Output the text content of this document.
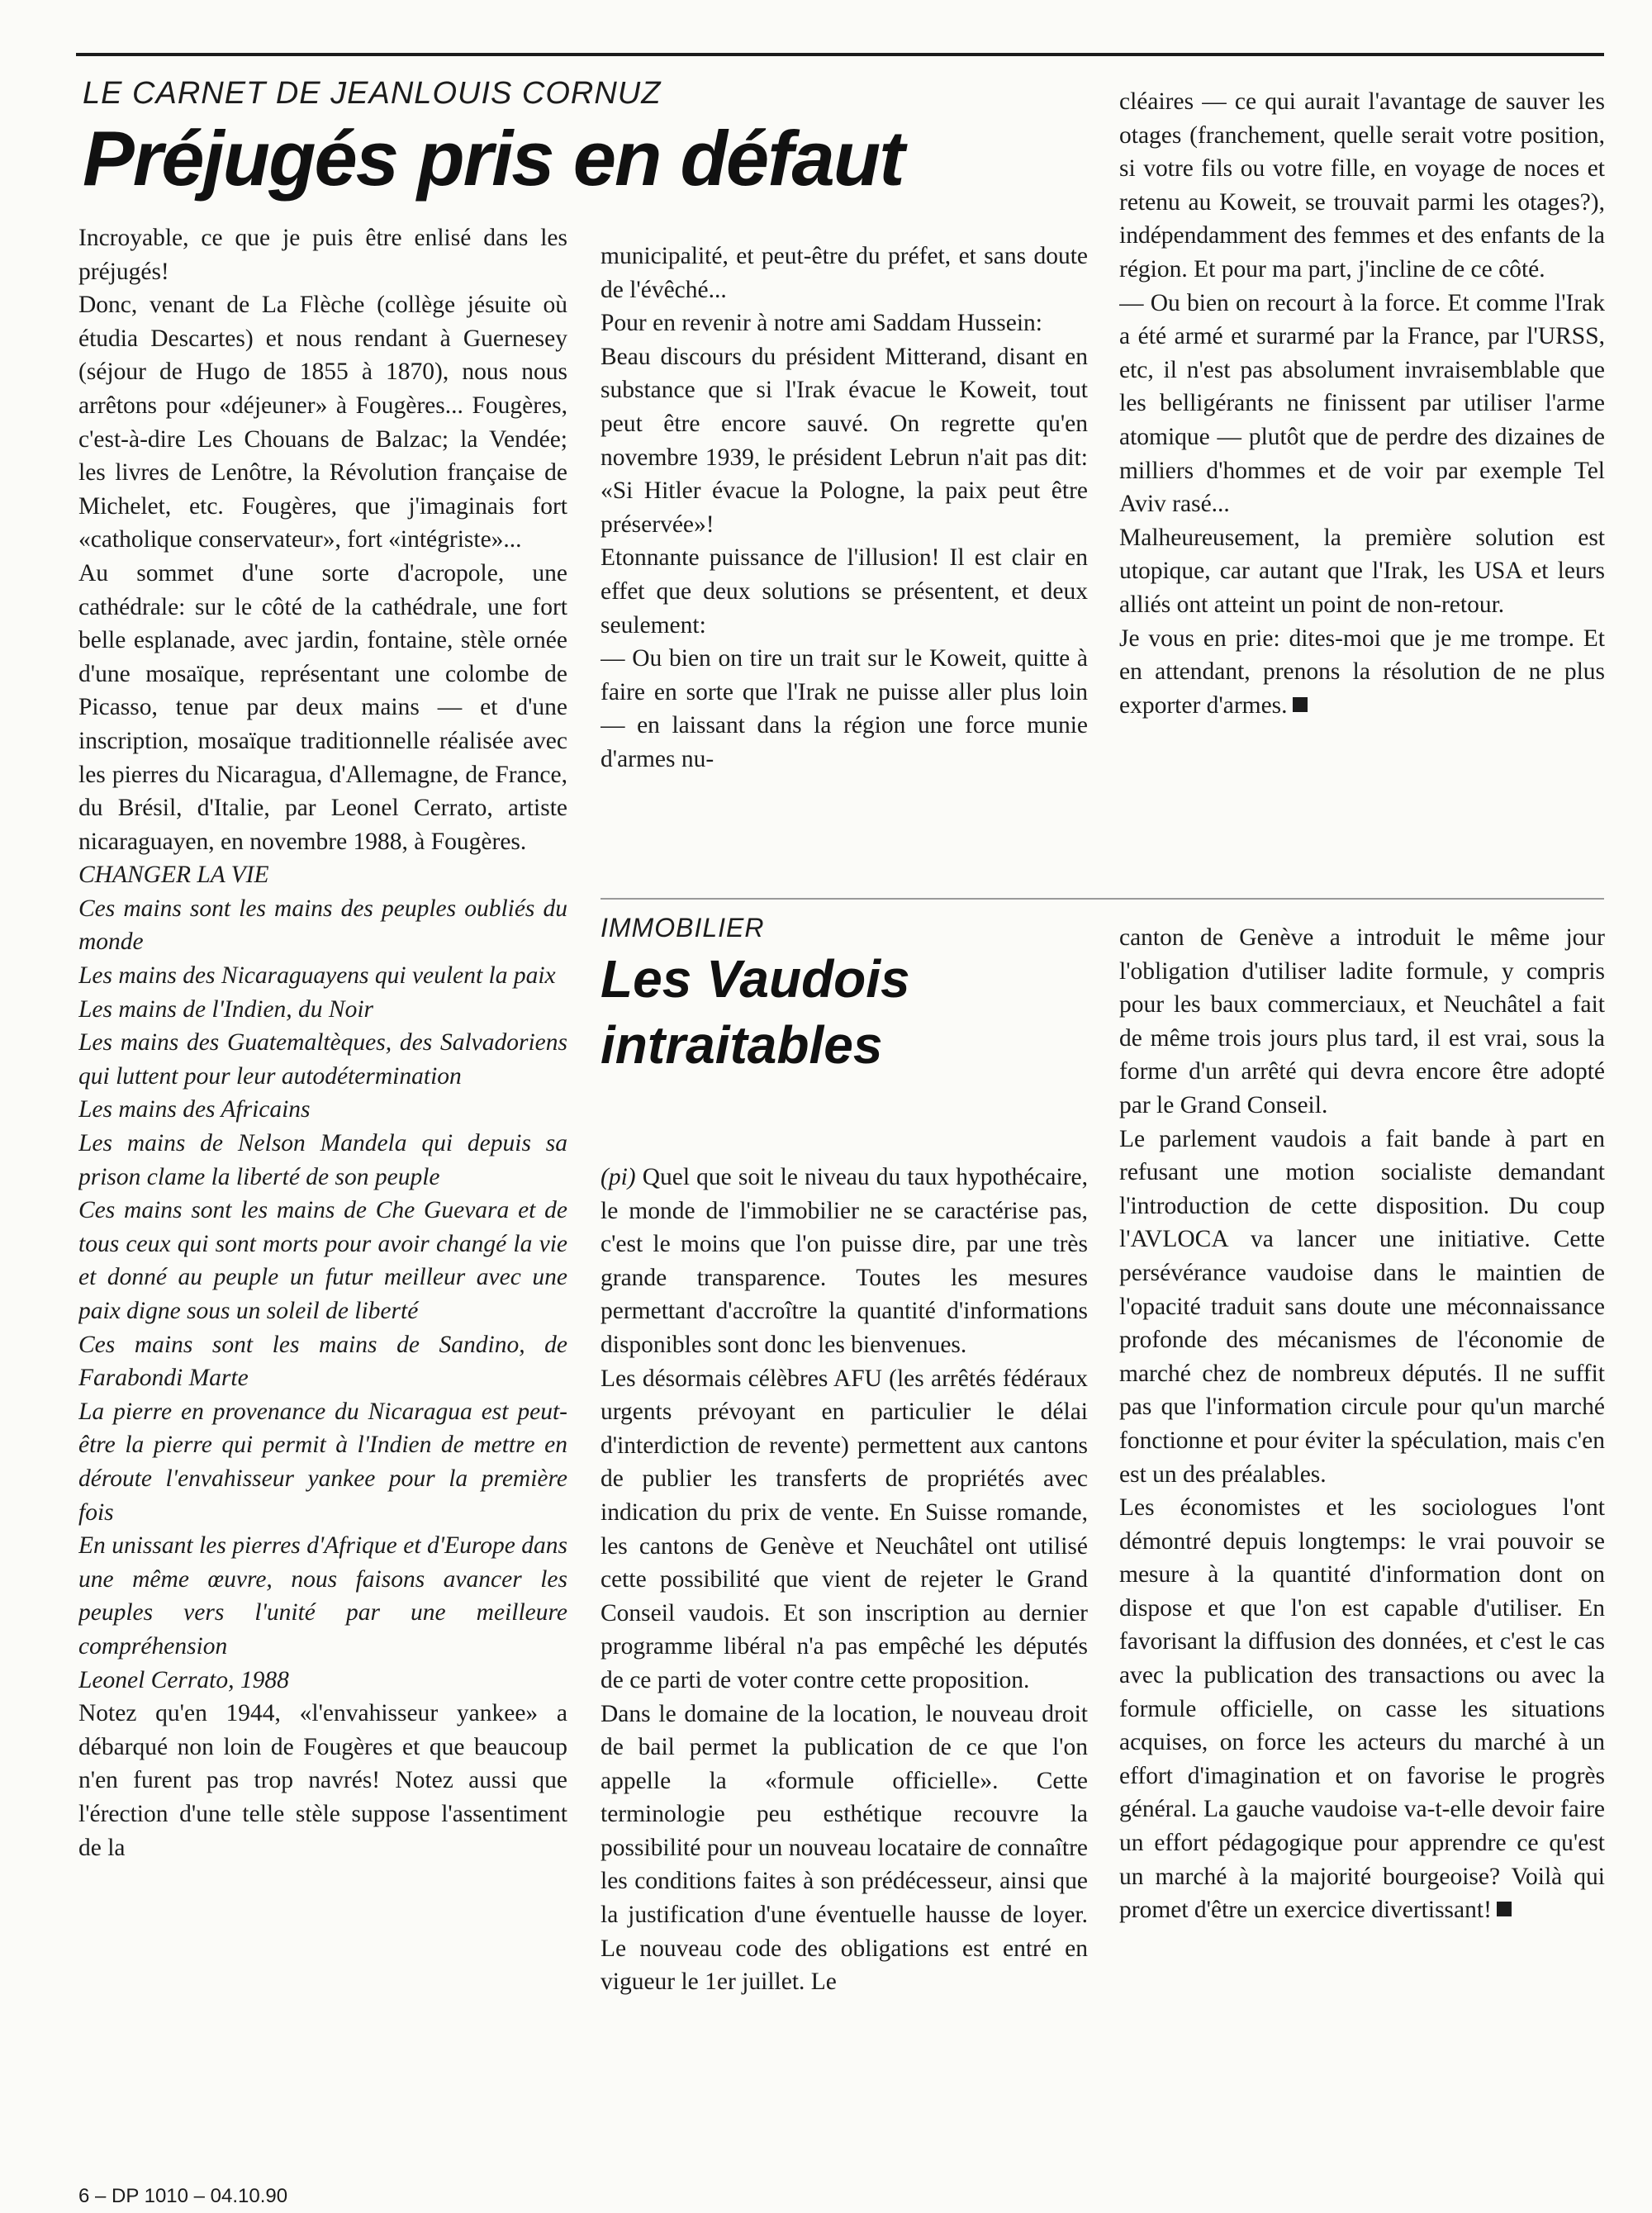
LE CARNET DE JEANLOUIS CORNUZ

Préjugés pris en défaut

Incroyable, ce que je puis être enlisé dans les préjugés!

Donc, venant de La Flèche (collège jésuite où étudia Descartes) et nous rendant à Guernesey (séjour de Hugo de 1855 à 1870), nous nous arrêtons pour «déjeuner» à Fougères... Fougères, c'est-à-dire Les Chouans de Balzac; la Vendée; les livres de Lenôtre, la Révolution française de Michelet, etc. Fougères, que j'imaginais fort «catholique conservateur», fort «intégriste»...

Au sommet d'une sorte d'acropole, une cathédrale: sur le côté de la cathédrale, une fort belle esplanade, avec jardin, fontaine, stèle ornée d'une mosaïque, représentant une colombe de Picasso, tenue par deux mains — et d'une inscription, mosaïque traditionnelle réalisée avec les pierres du Nicaragua, d'Allemagne, de France, du Brésil, d'Italie, par Leonel Cerrato, artiste nicaraguayen, en novembre 1988, à Fougères.

CHANGER LA VIE

Ces mains sont les mains des peuples oubliés du monde

Les mains des Nicaraguayens qui veulent la paix

Les mains de l'Indien, du Noir

Les mains des Guatemaltèques, des Salvadoriens qui luttent pour leur autodétermination

Les mains des Africains

Les mains de Nelson Mandela qui depuis sa prison clame la liberté de son peuple

Ces mains sont les mains de Che Guevara et de tous ceux qui sont morts pour avoir changé la vie et donné au peuple un futur meilleur avec une paix digne sous un soleil de liberté

Ces mains sont les mains de Sandino, de Farabondi Marte

La pierre en provenance du Nicaragua est peut-être la pierre qui permit à l'Indien de mettre en déroute l'envahisseur yankee pour la première fois

En unissant les pierres d'Afrique et d'Europe dans une même œuvre, nous faisons avancer les peuples vers l'unité par une meilleure compréhension

Leonel Cerrato, 1988

Notez qu'en 1944, «l'envahisseur yankee» a débarqué non loin de Fougères et que beaucoup n'en furent pas trop navrés! Notez aussi que l'érection d'une telle stèle suppose l'assentiment de la

municipalité, et peut-être du préfet, et sans doute de l'évêché...

Pour en revenir à notre ami Saddam Hussein:

Beau discours du président Mitterand, disant en substance que si l'Irak évacue le Koweit, tout peut être encore sauvé. On regrette qu'en novembre 1939, le président Lebrun n'ait pas dit: «Si Hitler évacue la Pologne, la paix peut être préservée»!

Etonnante puissance de l'illusion! Il est clair en effet que deux solutions se présentent, et deux seulement:

— Ou bien on tire un trait sur le Koweit, quitte à faire en sorte que l'Irak ne puisse aller plus loin — en laissant dans la région une force munie d'armes nu-

cléaires — ce qui aurait l'avantage de sauver les otages (franchement, quelle serait votre position, si votre fils ou votre fille, en voyage de noces et retenu au Koweit, se trouvait parmi les otages?), indépendamment des femmes et des enfants de la région. Et pour ma part, j'incline de ce côté.

— Ou bien on recourt à la force. Et comme l'Irak a été armé et surarmé par la France, par l'URSS, etc, il n'est pas absolument invraisemblable que les belligérants ne finissent par utiliser l'arme atomique — plutôt que de perdre des dizaines de milliers d'hommes et de voir par exemple Tel Aviv rasé...

Malheureusement, la première solution est utopique, car autant que l'Irak, les USA et leurs alliés ont atteint un point de non-retour.

Je vous en prie: dites-moi que je me trompe. Et en attendant, prenons la résolution de ne plus exporter d'armes.

IMMOBILIER

Les Vaudois
intraitables

(pi) Quel que soit le niveau du taux hypothécaire, le monde de l'immobilier ne se caractérise pas, c'est le moins que l'on puisse dire, par une très grande transparence. Toutes les mesures permettant d'accroître la quantité d'informations disponibles sont donc les bienvenues.

Les désormais célèbres AFU (les arrêtés fédéraux urgents prévoyant en particulier le délai d'interdiction de revente) permettent aux cantons de publier les transferts de propriétés avec indication du prix de vente. En Suisse romande, les cantons de Genève et Neuchâtel ont utilisé cette possibilité que vient de rejeter le Grand Conseil vaudois. Et son inscription au dernier programme libéral n'a pas empêché les députés de ce parti de voter contre cette proposition.

Dans le domaine de la location, le nouveau droit de bail permet la publication de ce que l'on appelle la «formule officielle». Cette terminologie peu esthétique recouvre la possibilité pour un nouveau locataire de connaître les conditions faites à son prédécesseur, ainsi que la justification d'une éventuelle hausse de loyer. Le nouveau code des obligations est entré en vigueur le 1er juillet. Le

canton de Genève a introduit le même jour l'obligation d'utiliser ladite formule, y compris pour les baux commerciaux, et Neuchâtel a fait de même trois jours plus tard, il est vrai, sous la forme d'un arrêté qui devra encore être adopté par le Grand Conseil.

Le parlement vaudois a fait bande à part en refusant une motion socialiste demandant l'introduction de cette disposition. Du coup l'AVLOCA va lancer une initiative. Cette persévérance vaudoise dans le maintien de l'opacité traduit sans doute une méconnaissance profonde des mécanismes de l'économie de marché chez de nombreux députés. Il ne suffit pas que l'information circule pour qu'un marché fonctionne et pour éviter la spéculation, mais c'en est un des préalables.

Les économistes et les sociologues l'ont démontré depuis longtemps: le vrai pouvoir se mesure à la quantité d'information dont on dispose et que l'on est capable d'utiliser. En favorisant la diffusion des données, et c'est le cas avec la publication des transactions ou avec la formule officielle, on casse les situations acquises, on force les acteurs du marché à un effort d'imagination et on favorise le progrès général. La gauche vaudoise va-t-elle devoir faire un effort pédagogique pour apprendre ce qu'est un marché à la majorité bourgeoise? Voilà qui promet d'être un exercice divertissant!

6 – DP 1010 – 04.10.90
